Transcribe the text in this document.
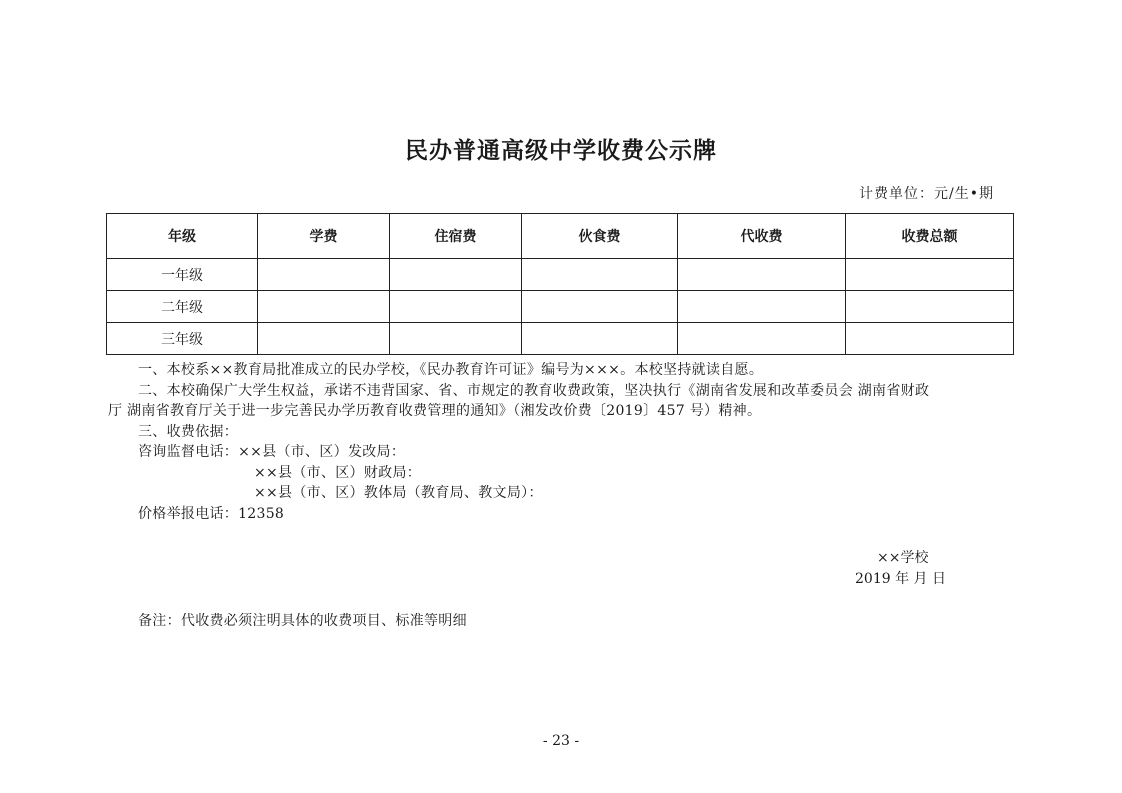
民办普通高级中学收费公示牌
计费单位：元/生•期
年级	学费	住宿费	伙食费	代收费	收费总额
一年级					
二年级					
三年级					

一、本校系××教育局批准成立的民办学校，《民办教育许可证》编号为×××。本校坚持就读自愿。

二、本校确保广大学生权益，承诺不违背国家、省、市规定的教育收费政策，坚决执行《湖南省发展和改革委员会 湖南省财政

厅 湖南省教育厅关于进一步完善民办学历教育收费管理的通知》（湘发改价费〔2019〕457 号）精神。

三、收费依据：

咨询监督电话：××县（市、区）发改局：

××县（市、区）财政局：

××县（市、区）教体局（教育局、教文局）：

价格举报电话：12358

××学校
2019 年 月 日
备注：代收费必须注明具体的收费项目、标准等明细
- 23 -
